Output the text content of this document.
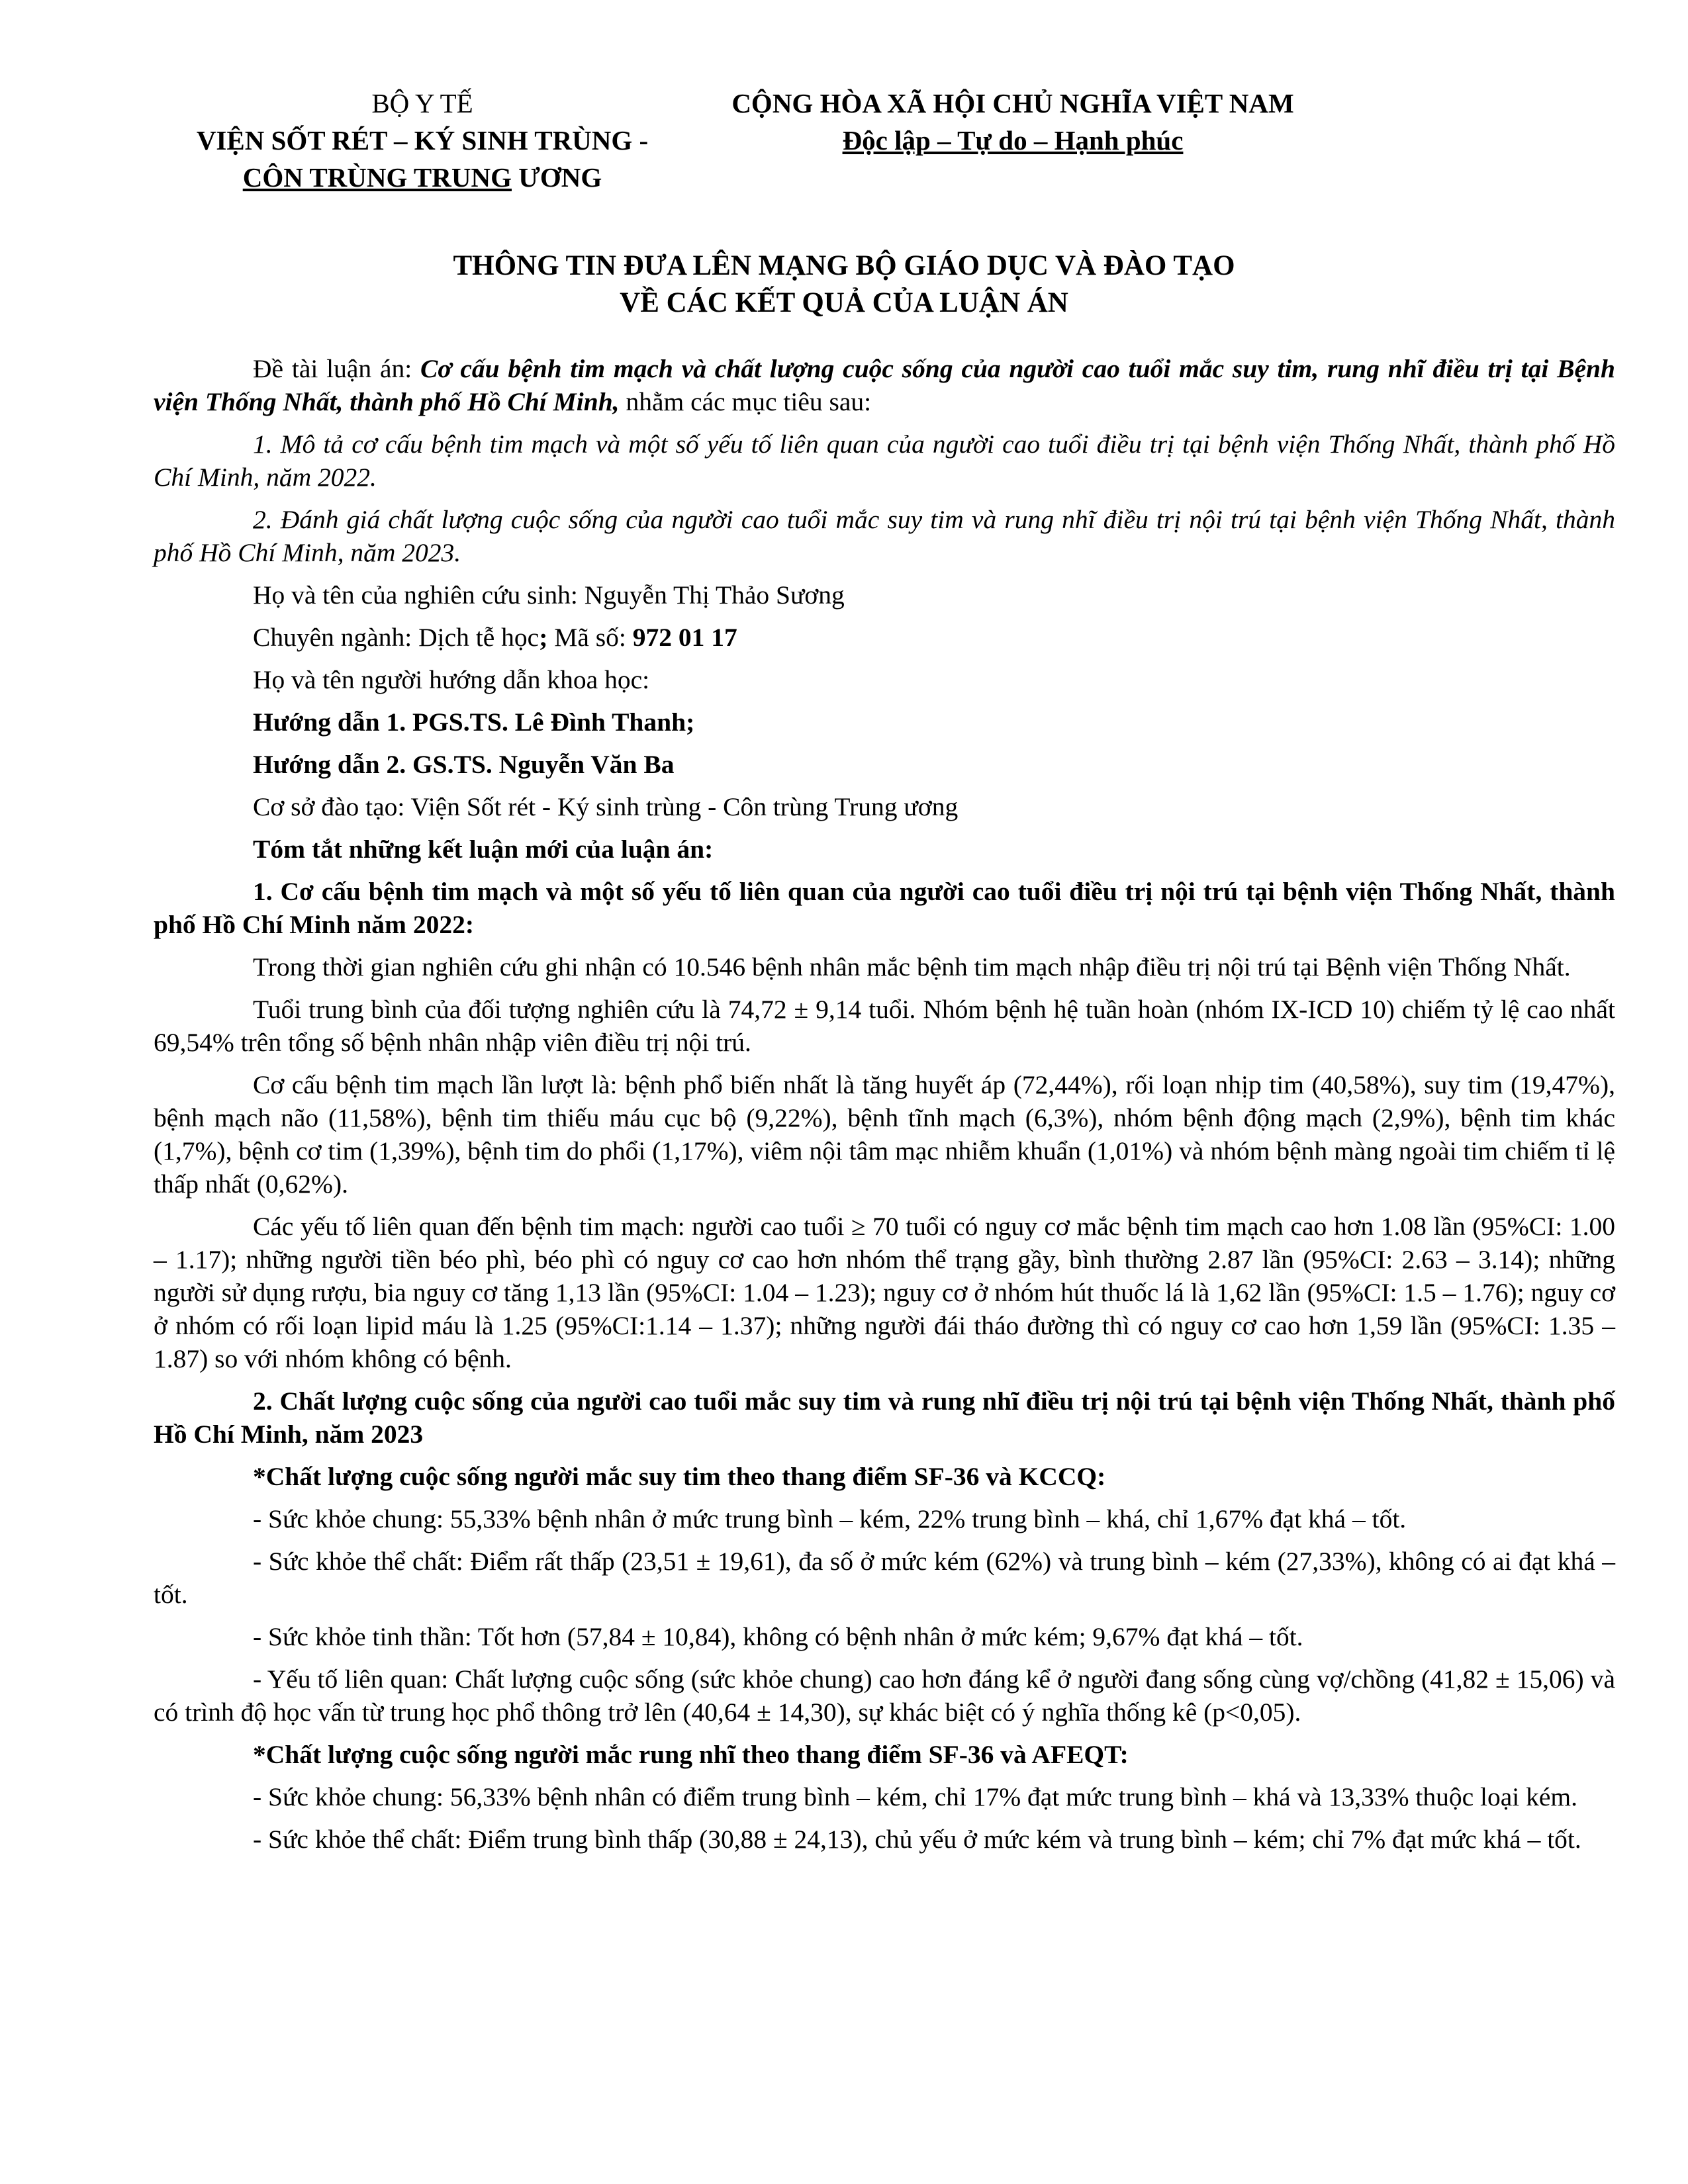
BỘ Y TẾ
VIỆN SỐT RÉT – KÝ SINH TRÙNG -
CÔN TRÙNG TRUNG ƯƠNG
CỘNG HÒA XÃ HỘI CHỦ NGHĨA VIỆT NAM
Độc lập – Tự do – Hạnh phúc
THÔNG TIN ĐƯA LÊN MẠNG BỘ GIÁO DỤC VÀ ĐÀO TẠO
VỀ CÁC KẾT QUẢ CỦA LUẬN ÁN

Đề tài luận án: Cơ cấu bệnh tim mạch và chất lượng cuộc sống của người cao tuổi mắc suy tim, rung nhĩ điều trị tại Bệnh viện Thống Nhất, thành phố Hồ Chí Minh, nhằm các mục tiêu sau:

1. Mô tả cơ cấu bệnh tim mạch và một số yếu tố liên quan của người cao tuổi điều trị tại bệnh viện Thống Nhất, thành phố Hồ Chí Minh, năm 2022.

2. Đánh giá chất lượng cuộc sống của người cao tuổi mắc suy tim và rung nhĩ điều trị nội trú tại bệnh viện Thống Nhất, thành phố Hồ Chí Minh, năm 2023.

Họ và tên của nghiên cứu sinh: Nguyễn Thị Thảo Sương

Chuyên ngành: Dịch tễ học; Mã số: 972 01 17

Họ và tên người hướng dẫn khoa học:

Hướng dẫn 1. PGS.TS. Lê Đình Thanh;

Hướng dẫn 2. GS.TS. Nguyễn Văn Ba

Cơ sở đào tạo: Viện Sốt rét - Ký sinh trùng - Côn trùng Trung ương

Tóm tắt những kết luận mới của luận án:

1. Cơ cấu bệnh tim mạch và một số yếu tố liên quan của người cao tuổi điều trị nội trú tại bệnh viện Thống Nhất, thành phố Hồ Chí Minh năm 2022:

Trong thời gian nghiên cứu ghi nhận có 10.546 bệnh nhân mắc bệnh tim mạch nhập điều trị nội trú tại Bệnh viện Thống Nhất.

Tuổi trung bình của đối tượng nghiên cứu là 74,72 ± 9,14 tuổi. Nhóm bệnh hệ tuần hoàn (nhóm IX-ICD 10) chiếm tỷ lệ cao nhất 69,54% trên tổng số bệnh nhân nhập viên điều trị nội trú.

Cơ cấu bệnh tim mạch lần lượt là: bệnh phổ biến nhất là tăng huyết áp (72,44%), rối loạn nhịp tim (40,58%), suy tim (19,47%), bệnh mạch não (11,58%), bệnh tim thiếu máu cục bộ (9,22%), bệnh tĩnh mạch (6,3%), nhóm bệnh động mạch (2,9%), bệnh tim khác (1,7%), bệnh cơ tim (1,39%), bệnh tim do phổi (1,17%), viêm nội tâm mạc nhiễm khuẩn (1,01%) và nhóm bệnh màng ngoài tim chiếm tỉ lệ thấp nhất (0,62%).

Các yếu tố liên quan đến bệnh tim mạch: người cao tuổi ≥ 70 tuổi có nguy cơ mắc bệnh tim mạch cao hơn 1.08 lần (95%CI: 1.00 – 1.17); những người tiền béo phì, béo phì có nguy cơ cao hơn nhóm thể trạng gầy, bình thường 2.87 lần (95%CI: 2.63 – 3.14); những người sử dụng rượu, bia nguy cơ tăng 1,13 lần (95%CI: 1.04 – 1.23); nguy cơ ở nhóm hút thuốc lá là 1,62 lần (95%CI: 1.5 – 1.76); nguy cơ ở nhóm có rối loạn lipid máu là 1.25 (95%CI:1.14 – 1.37); những người đái tháo đường thì có nguy cơ cao hơn 1,59 lần (95%CI: 1.35 – 1.87) so với nhóm không có bệnh.

2. Chất lượng cuộc sống của người cao tuổi mắc suy tim và rung nhĩ điều trị nội trú tại bệnh viện Thống Nhất, thành phố Hồ Chí Minh, năm 2023

*Chất lượng cuộc sống người mắc suy tim theo thang điểm SF-36 và KCCQ:

- Sức khỏe chung: 55,33% bệnh nhân ở mức trung bình – kém, 22% trung bình – khá, chỉ 1,67% đạt khá – tốt.

- Sức khỏe thể chất: Điểm rất thấp (23,51 ± 19,61), đa số ở mức kém (62%) và trung bình – kém (27,33%), không có ai đạt khá – tốt.

- Sức khỏe tinh thần: Tốt hơn (57,84 ± 10,84), không có bệnh nhân ở mức kém; 9,67% đạt khá – tốt.

- Yếu tố liên quan: Chất lượng cuộc sống (sức khỏe chung) cao hơn đáng kể ở người đang sống cùng vợ/chồng (41,82 ± 15,06) và có trình độ học vấn từ trung học phổ thông trở lên (40,64 ± 14,30), sự khác biệt có ý nghĩa thống kê (p<0,05).

*Chất lượng cuộc sống người mắc rung nhĩ theo thang điểm SF-36 và AFEQT:

- Sức khỏe chung: 56,33% bệnh nhân có điểm trung bình – kém, chỉ 17% đạt mức trung bình – khá và 13,33% thuộc loại kém.

- Sức khỏe thể chất: Điểm trung bình thấp (30,88 ± 24,13), chủ yếu ở mức kém và trung bình – kém; chỉ 7% đạt mức khá – tốt.
